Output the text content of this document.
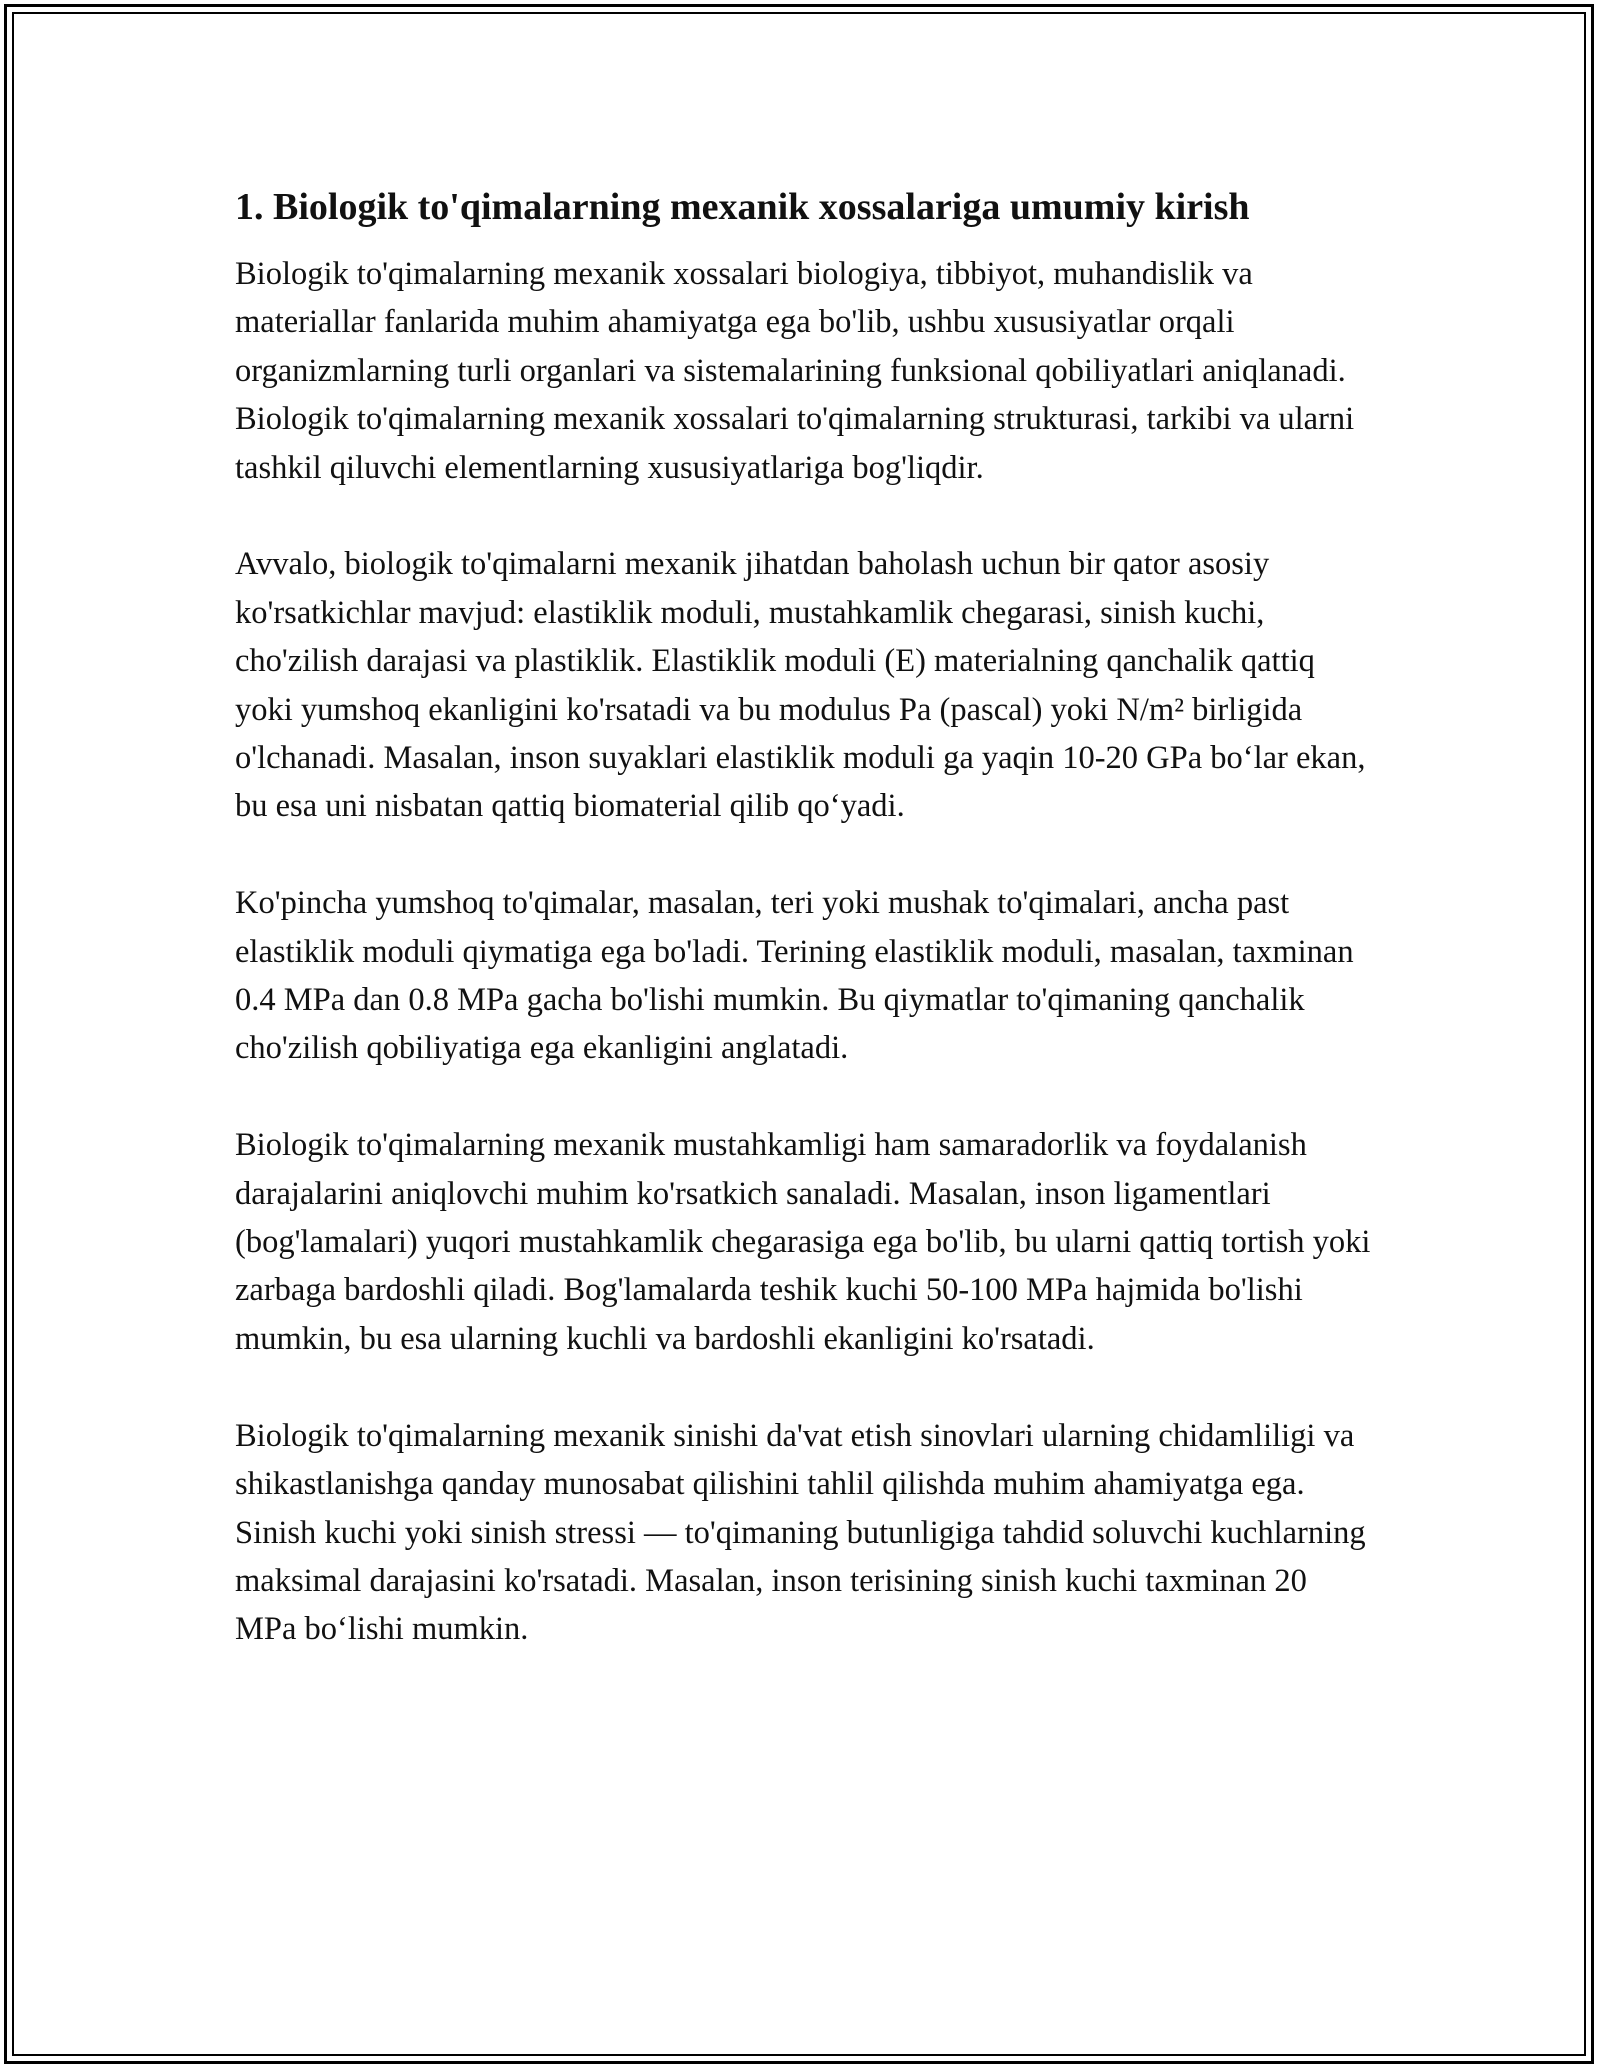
1. Biologik to'qimalarning mexanik xossalariga umumiy kirish

Biologik to'qimalarning mexanik xossalari biologiya, tibbiyot, muhandislik va materiallar fanlarida muhim ahamiyatga ega bo'lib, ushbu xususiyatlar orqali organizmlarning turli organlari va sistemalarining funksional qobiliyatlari aniqlanadi. Biologik to'qimalarning mexanik xossalari to'qimalarning strukturasi, tarkibi va ularni tashkil qiluvchi elementlarning xususiyatlariga bog'liqdir.

Avvalo, biologik to'qimalarni mexanik jihatdan baholash uchun bir qator asosiy ko'rsatkichlar mavjud: elastiklik moduli, mustahkamlik chegarasi, sinish kuchi, cho'zilish darajasi va plastiklik. Elastiklik moduli (E) materialning qanchalik qattiq yoki yumshoq ekanligini ko'rsatadi va bu modulus Pa (pascal) yoki N/m² birligida o'lchanadi. Masalan, inson suyaklari elastiklik moduli ga yaqin 10-20 GPa bo‘lar ekan, bu esa uni nisbatan qattiq biomaterial qilib qo‘yadi.

Ko'pincha yumshoq to'qimalar, masalan, teri yoki mushak to'qimalari, ancha past elastiklik moduli qiymatiga ega bo'ladi. Terining elastiklik moduli, masalan, taxminan 0.4 MPa dan 0.8 MPa gacha bo'lishi mumkin. Bu qiymatlar to'qimaning qanchalik cho'zilish qobiliyatiga ega ekanligini anglatadi.

Biologik to'qimalarning mexanik mustahkamligi ham samaradorlik va foydalanish darajalarini aniqlovchi muhim ko'rsatkich sanaladi. Masalan, inson ligamentlari (bog'lamalari) yuqori mustahkamlik chegarasiga ega bo'lib, bu ularni qattiq tortish yoki zarbaga bardoshli qiladi. Bog'lamalarda teshik kuchi 50-100 MPa hajmida bo'lishi mumkin, bu esa ularning kuchli va bardoshli ekanligini ko'rsatadi.

Biologik to'qimalarning mexanik sinishi da'vat etish sinovlari ularning chidamliligi va shikastlanishga qanday munosabat qilishini tahlil qilishda muhim ahamiyatga ega. Sinish kuchi yoki sinish stressi — to'qimaning butunligiga tahdid soluvchi kuchlarning maksimal darajasini ko'rsatadi. Masalan, inson terisining sinish kuchi taxminan 20 MPa bo‘lishi mumkin.
